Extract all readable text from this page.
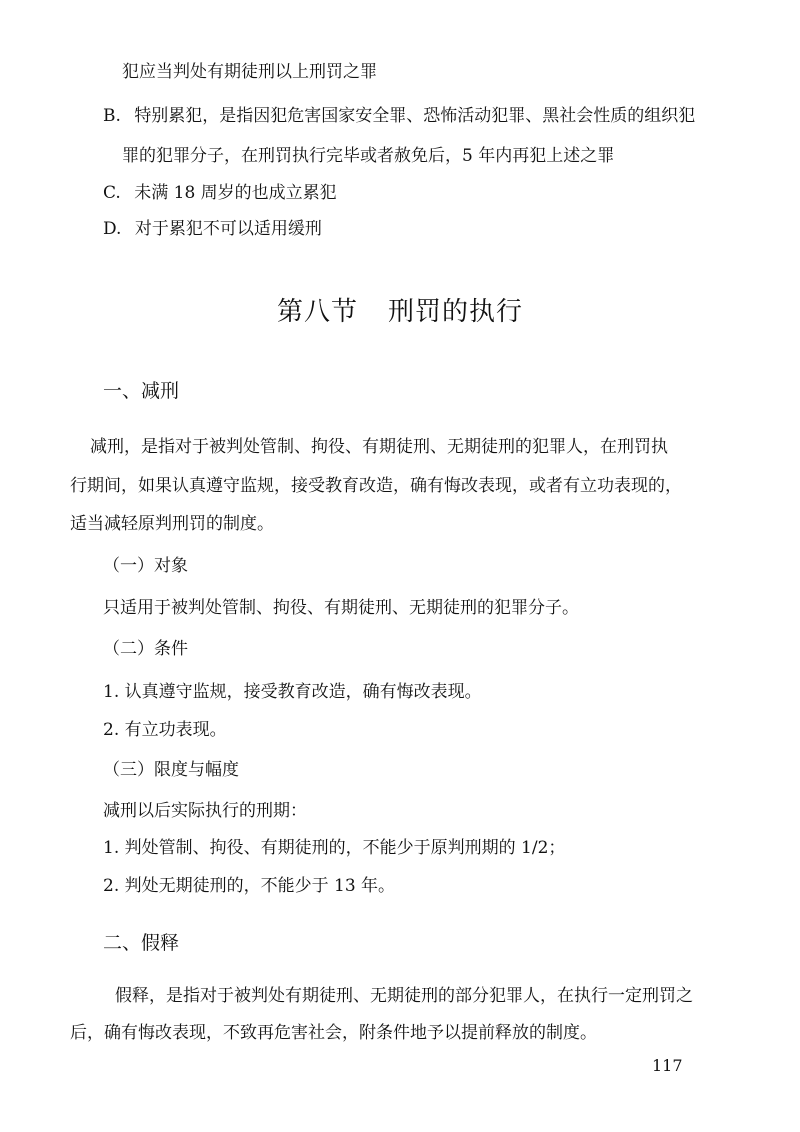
犯应当判处有期徒刑以上刑罚之罪
B. 特别累犯，是指因犯危害国家安全罪、恐怖活动犯罪、黑社会性质的组织犯
罪的犯罪分子，在刑罚执行完毕或者赦免后，5 年内再犯上述之罪
C. 未满 18 周岁的也成立累犯
D. 对于累犯不可以适用缓刑
第八节 刑罚的执行
一、减刑
减刑，是指对于被判处管制、拘役、有期徒刑、无期徒刑的犯罪人，在刑罚执
行期间，如果认真遵守监规，接受教育改造，确有悔改表现，或者有立功表现的，
适当减轻原判刑罚的制度。
（一）对象
只适用于被判处管制、拘役、有期徒刑、无期徒刑的犯罪分子。
（二）条件
1. 认真遵守监规，接受教育改造，确有悔改表现。
2. 有立功表现。
（三）限度与幅度
减刑以后实际执行的刑期：
1. 判处管制、拘役、有期徒刑的，不能少于原判刑期的 1/2；
2. 判处无期徒刑的，不能少于 13 年。
二、假释
假释，是指对于被判处有期徒刑、无期徒刑的部分犯罪人，在执行一定刑罚之
后，确有悔改表现，不致再危害社会，附条件地予以提前释放的制度。
117
